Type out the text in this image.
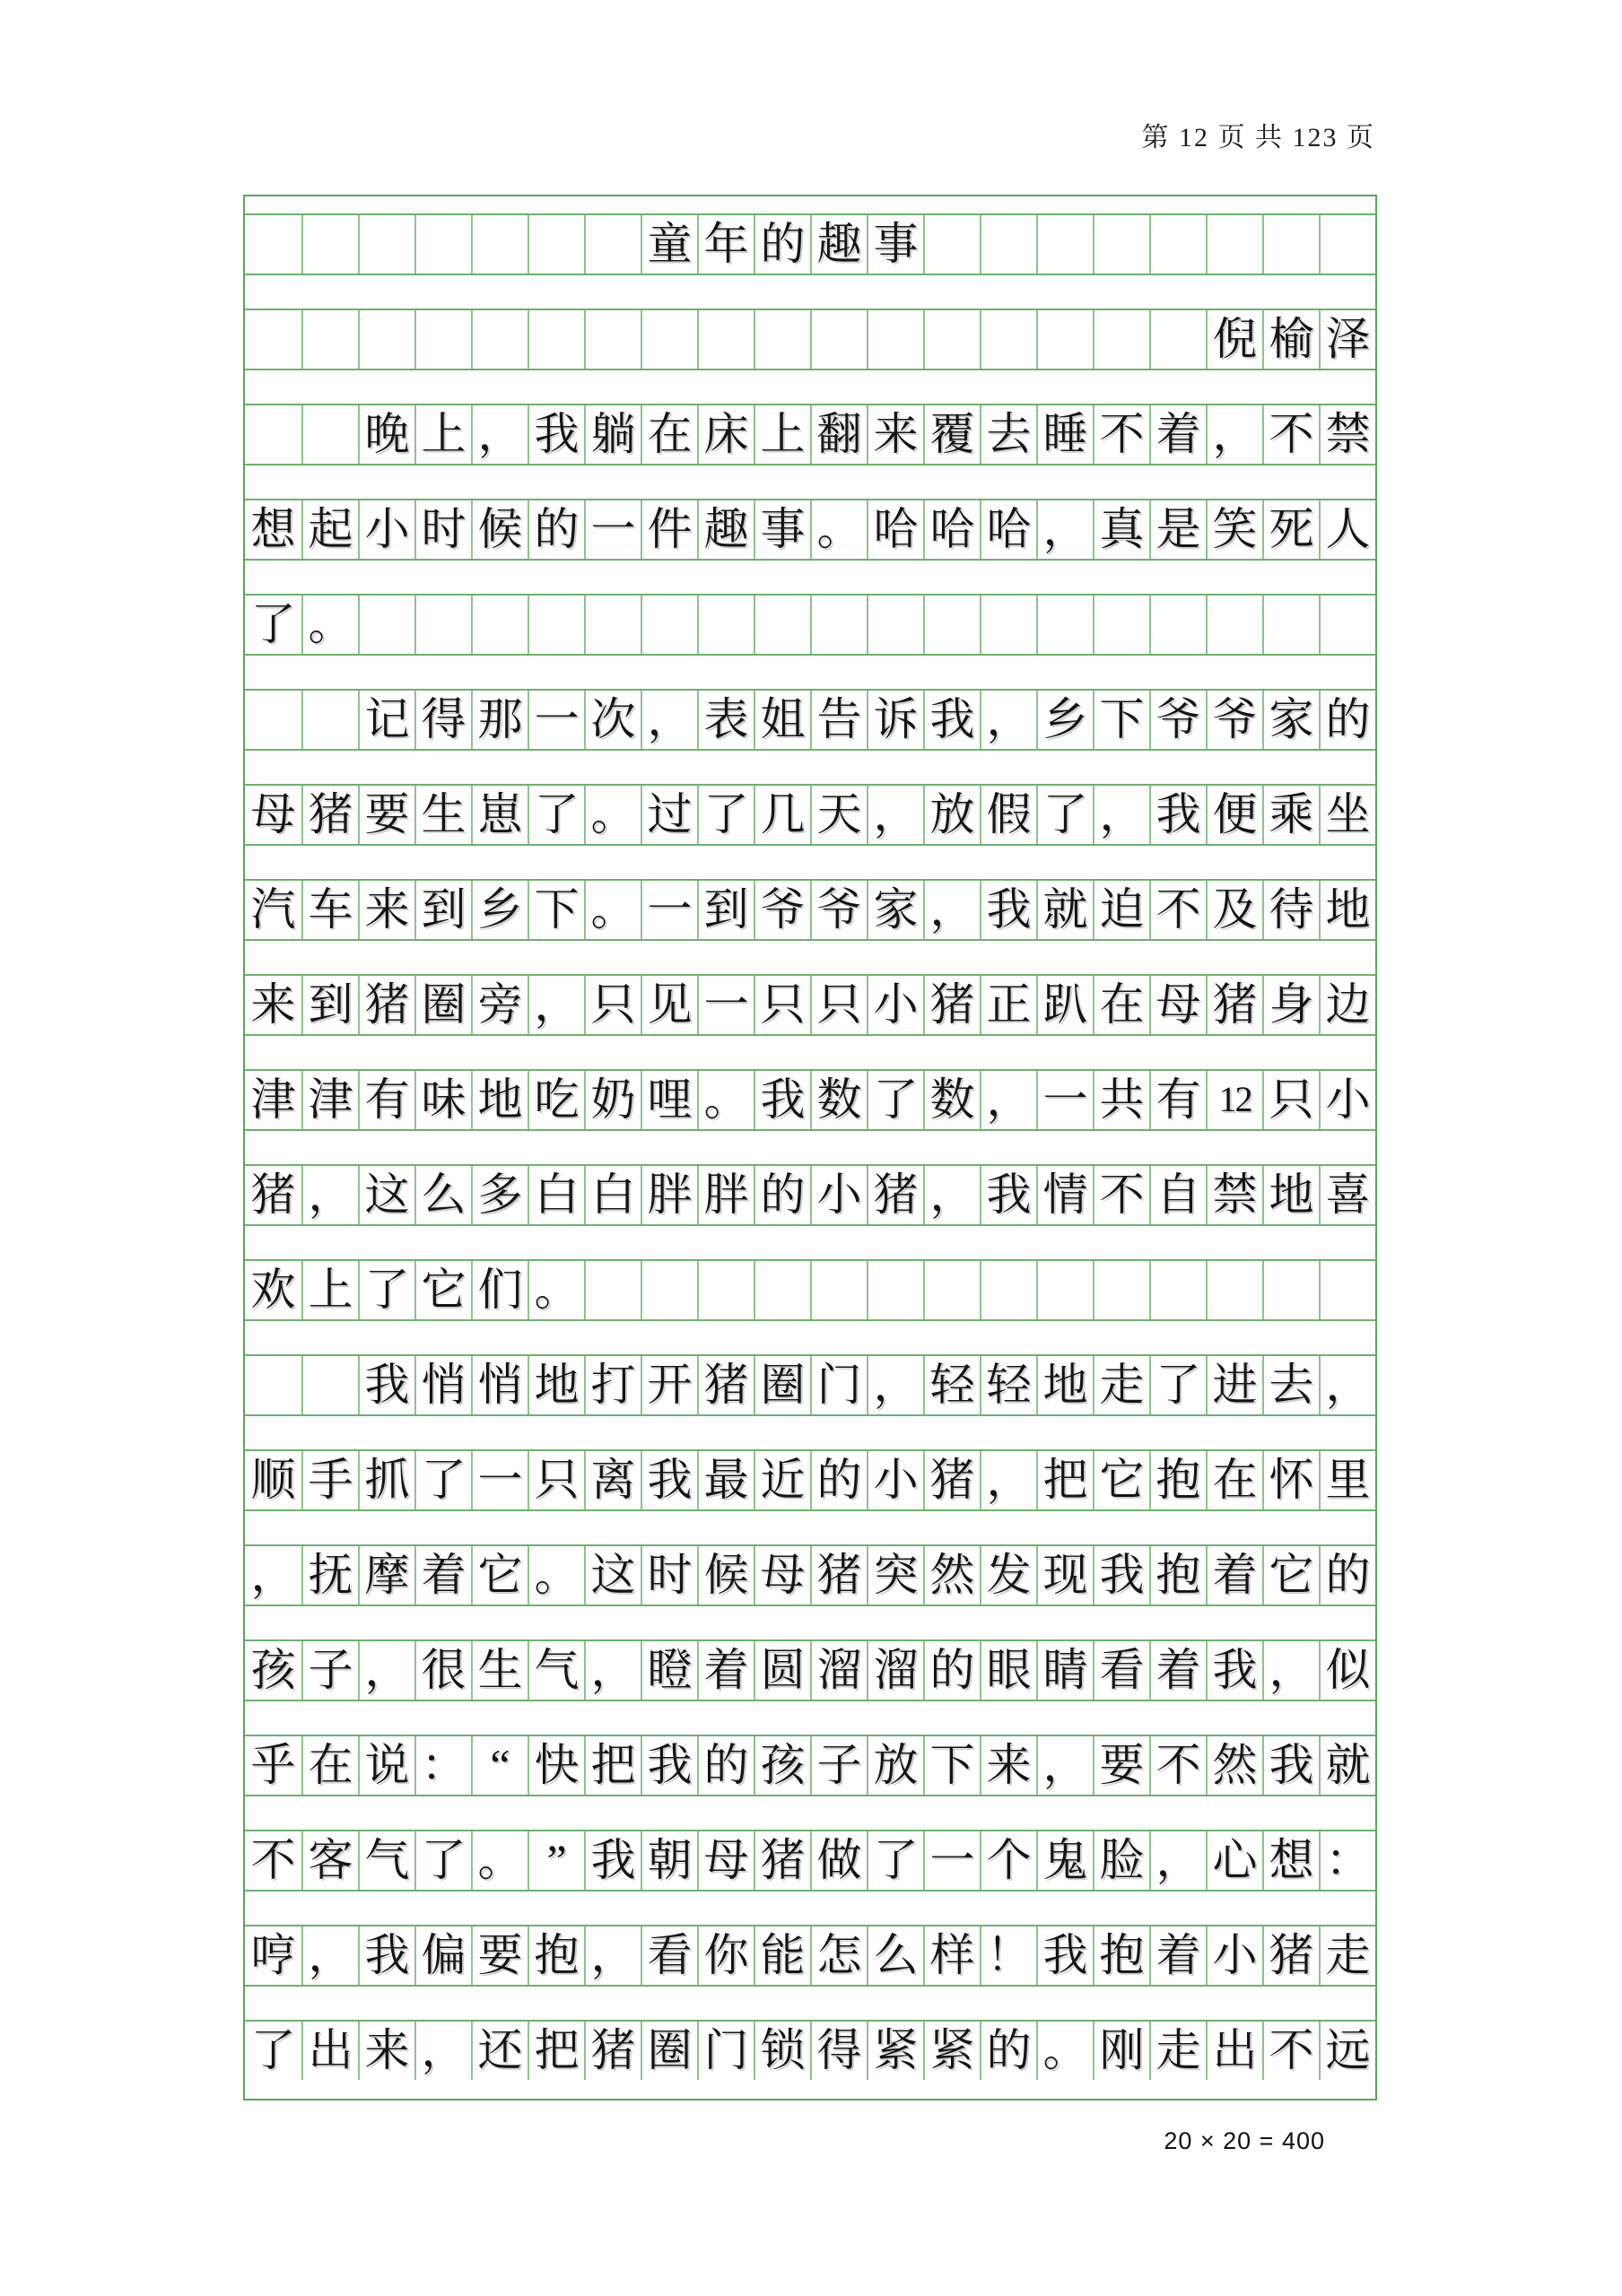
第 12 页 共 123 页
童 年 的 趣 事
倪 榆 泽
晚 上 ， 我 躺 在 床 上 翻 来 覆 去 睡 不 着 ， 不 禁
想 起 小 时 候 的 一 件 趣 事 。 哈 哈 哈 ， 真 是 笑 死 人
了 。
记 得 那 一 次 ， 表 姐 告 诉 我 ， 乡 下 爷 爷 家 的
母 猪 要 生 崽 了 。 过 了 几 天 ， 放 假 了 ， 我 便 乘 坐
汽 车 来 到 乡 下 。 一 到 爷 爷 家 ， 我 就 迫 不 及 待 地
来 到 猪 圈 旁 ， 只 见 一 只 只 小 猪 正 趴 在 母 猪 身 边
津 津 有 味 地 吃 奶 哩 。 我 数 了 数 ， 一 共 有 12 只 小
猪 ， 这 么 多 白 白 胖 胖 的 小 猪 ， 我 情 不 自 禁 地 喜
欢 上 了 它 们 。
我 悄 悄 地 打 开 猪 圈 门 ， 轻 轻 地 走 了 进 去 ，
顺 手 抓 了 一 只 离 我 最 近 的 小 猪 ， 把 它 抱 在 怀 里
， 抚 摩 着 它 。 这 时 候 母 猪 突 然 发 现 我 抱 着 它 的
孩 子 ， 很 生 气 ， 瞪 着 圆 溜 溜 的 眼 睛 看 着 我 ， 似
乎 在 说 ： “ 快 把 我 的 孩 子 放 下 来 ， 要 不 然 我 就
不 客 气 了 。 ” 我 朝 母 猪 做 了 一 个 鬼 脸 ， 心 想 ：
哼 ， 我 偏 要 抱 ， 看 你 能 怎 么 样 ！ 我 抱 着 小 猪 走
了 出 来 ， 还 把 猪 圈 门 锁 得 紧 紧 的 。 刚 走 出 不 远
20 × 20 = 400
